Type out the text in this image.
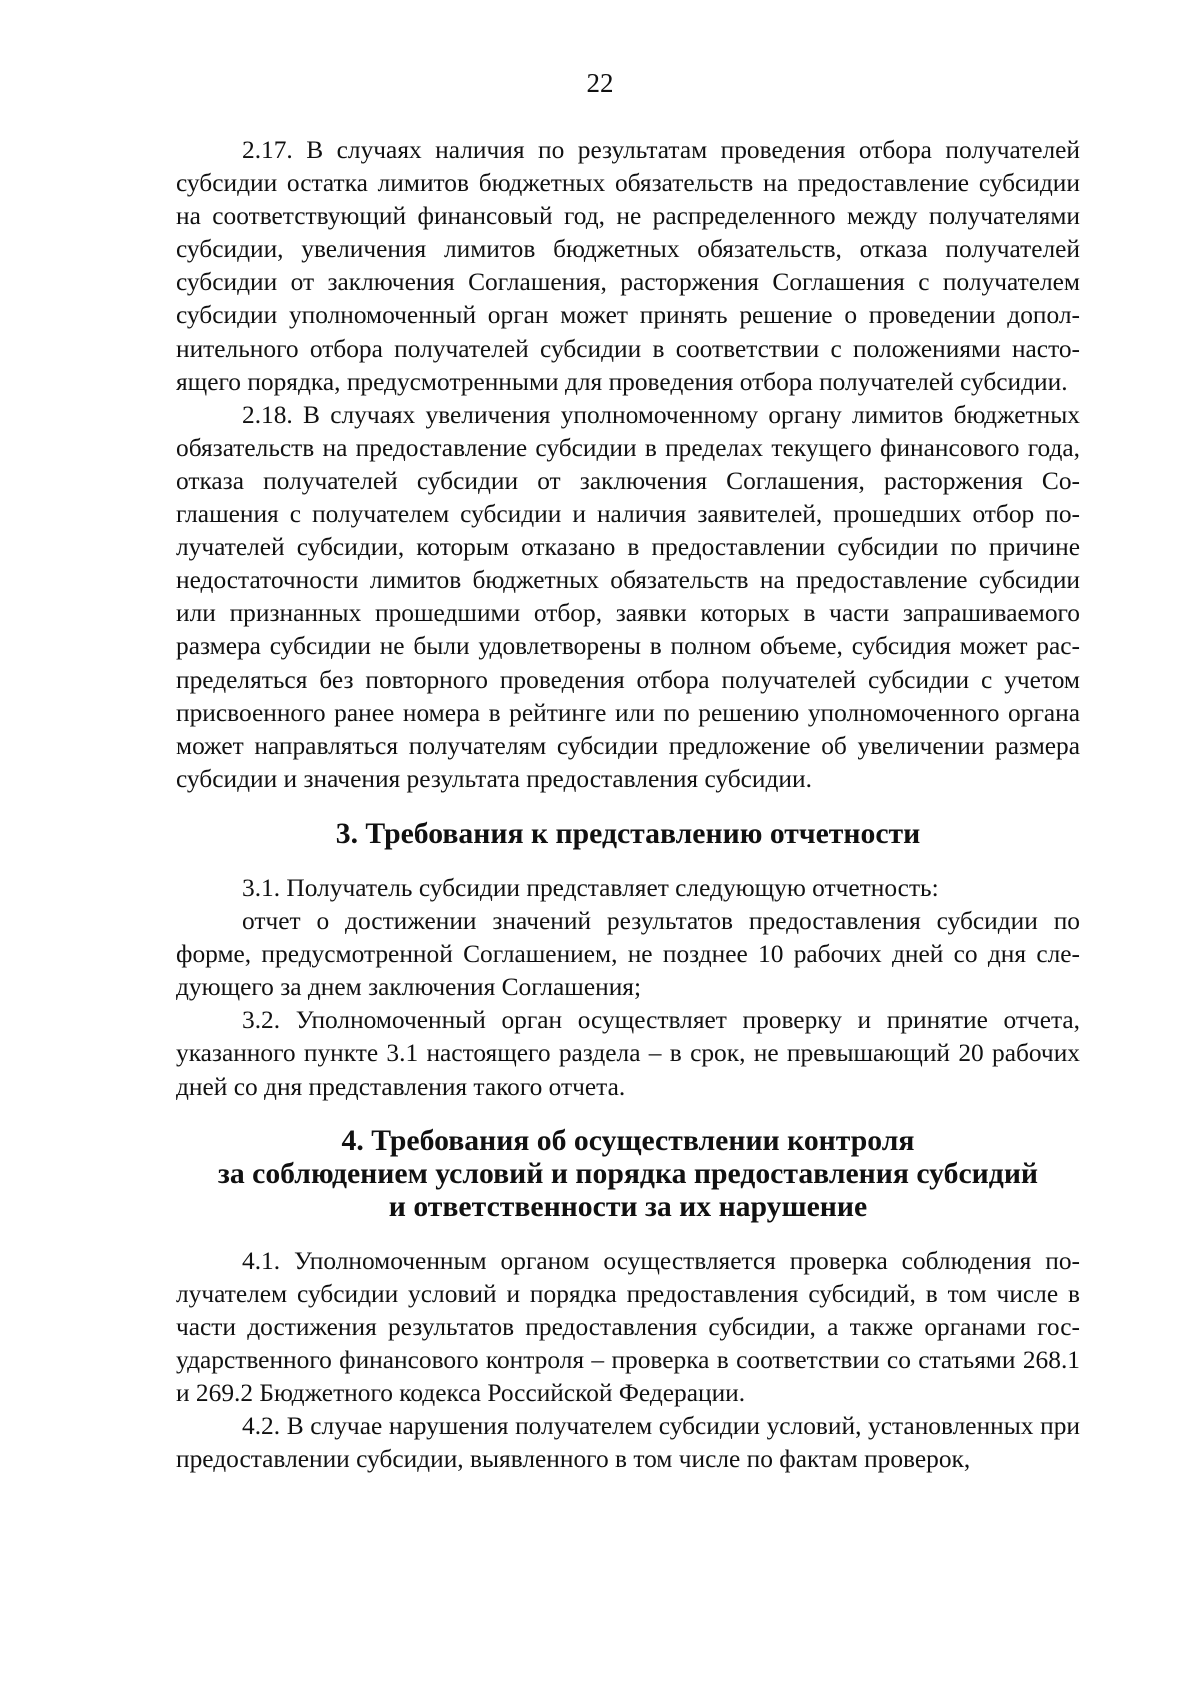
22

2.17. В случаях наличия по результатам проведения отбора получателей субсидии остатка лимитов бюджетных обязательств на предоставление субсидии на соответствующий финансовый год, не распределенного между получателями субсидии, увеличения лимитов бюджетных обязательств, отказа получателей субсидии от заключения Соглашения, расторжения Соглашения с получателем субсидии уполномоченный орган может принять решение о проведении дополнительного отбора получателей субсидии в соответствии с положениями настоящего порядка, предусмотренными для проведения отбора получателей субсидии.

2.18. В случаях увеличения уполномоченному органу лимитов бюджетных обязательств на предоставление субсидии в пределах текущего финансового года, отказа получателей субсидии от заключения Соглашения, расторжения Соглашения с получателем субсидии и наличия заявителей, прошедших отбор получателей субсидии, которым отказано в предоставлении субсидии по причине недостаточности лимитов бюджетных обязательств на предоставление субсидии или признанных прошедшими отбор, заявки которых в части запрашиваемого размера субсидии не были удовлетворены в полном объеме, субсидия может распределяться без повторного проведения отбора получателей субсидии с учетом присвоенного ранее номера в рейтинге или по решению уполномоченного органа может направляться получателям субсидии предложение об увеличении размера субсидии и значения результата предоставления субсидии.

3. Требования к представлению отчетности

3.1. Получатель субсидии представляет следующую отчетность:

отчет о достижении значений результатов предоставления субсидии по форме, предусмотренной Соглашением, не позднее 10 рабочих дней со дня следующего за днем заключения Соглашения;

3.2. Уполномоченный орган осуществляет проверку и принятие отчета, указанного пункте 3.1 настоящего раздела – в срок, не превышающий 20 рабочих дней со дня представления такого отчета.

4. Требования об осуществлении контроля
за соблюдением условий и порядка предоставления субсидий
и ответственности за их нарушение

4.1. Уполномоченным органом осуществляется проверка соблюдения получателем субсидии условий и порядка предоставления субсидий, в том числе в части достижения результатов предоставления субсидии, а также органами государственного финансового контроля – проверка в соответствии со статьями 268.1 и 269.2 Бюджетного кодекса Российской Федерации.

4.2. В случае нарушения получателем субсидии условий, установленных при предоставлении субсидии, выявленного в том числе по фактам проверок,
